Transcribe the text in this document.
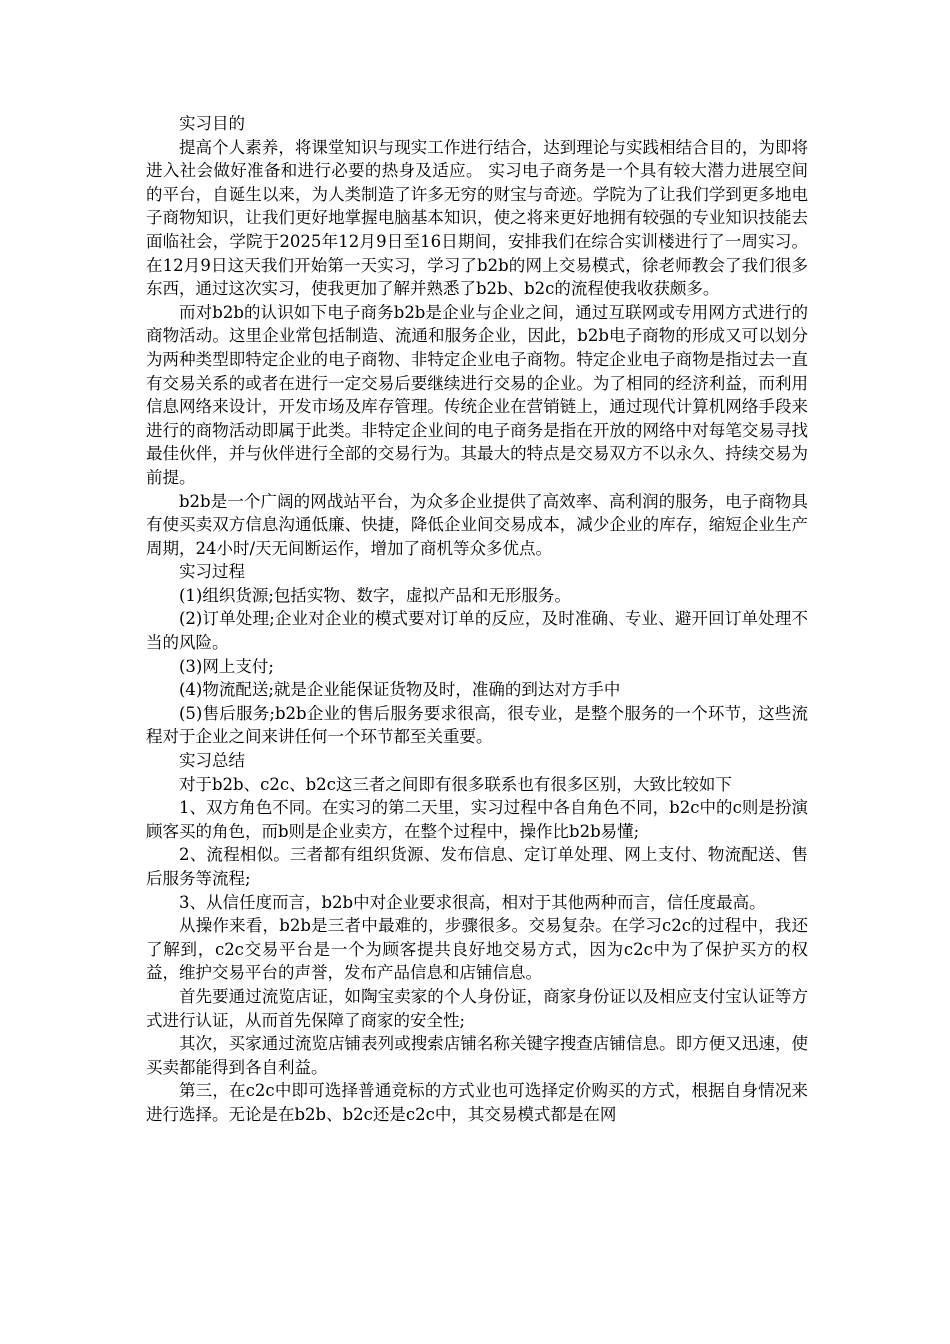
实习目的

提高个人素养，将课堂知识与现实工作进行结合，达到理论与实践相结合目的，为即将进入社会做好准备和进行必要的热身及适应。 实习电子商务是一个具有较大潜力进展空间的平台，自诞生以来，为人类制造了许多无穷的财宝与奇迹。学院为了让我们学到更多地电子商物知识，让我们更好地掌握电脑基本知识，使之将来更好地拥有较强的专业知识技能去面临社会，学院于2025年12月9日至16日期间，安排我们在综合实训楼进行了一周实习。在12月9日这天我们开始第一天实习，学习了b2b的网上交易模式，徐老师教会了我们很多东西，通过这次实习，使我更加了解并熟悉了b2b、b2c的流程使我收获颇多。

而对b2b的认识如下电子商务b2b是企业与企业之间，通过互联网或专用网方式进行的商物活动。这里企业常包括制造、流通和服务企业，因此，b2b电子商物的形成又可以划分为两种类型即特定企业的电子商物、非特定企业电子商物。特定企业电子商物是指过去一直有交易关系的或者在进行一定交易后要继续进行交易的企业。为了相同的经济利益，而利用信息网络来设计，开发市场及库存管理。传统企业在营销链上，通过现代计算机网络手段来进行的商物活动即属于此类。非特定企业间的电子商务是指在开放的网络中对每笔交易寻找最佳伙伴，并与伙伴进行全部的交易行为。其最大的特点是交易双方不以永久、持续交易为前提。

b2b是一个广阔的网战站平台，为众多企业提供了高效率、高利润的服务，电子商物具有使买卖双方信息沟通低廉、快捷，降低企业间交易成本，减少企业的库存，缩短企业生产周期，24小时/天无间断运作，增加了商机等众多优点。

实习过程

(1)组织货源;包括实物、数字，虚拟产品和无形服务。

(2)订单处理;企业对企业的模式要对订单的反应，及时准确、专业、避开回订单处理不当的风险。

(3)网上支付;

(4)物流配送;就是企业能保证货物及时，准确的到达对方手中

(5)售后服务;b2b企业的售后服务要求很高，很专业，是整个服务的一个环节，这些流程对于企业之间来讲任何一个环节都至关重要。

实习总结

对于b2b、c2c、b2c这三者之间即有很多联系也有很多区别，大致比较如下

1、双方角色不同。在实习的第二天里，实习过程中各自角色不同，b2c中的c则是扮演顾客买的角色，而b则是企业卖方，在整个过程中，操作比b2b易懂;

2、流程相似。三者都有组织货源、发布信息、定订单处理、网上支付、物流配送、售后服务等流程;

3、从信任度而言，b2b中对企业要求很高，相对于其他两种而言，信任度最高。

从操作来看，b2b是三者中最难的，步骤很多。交易复杂。在学习c2c的过程中，我还了解到，c2c交易平台是一个为顾客提共良好地交易方式，因为c2c中为了保护买方的权益，维护交易平台的声誉，发布产品信息和店铺信息。

首先要通过流览店证，如陶宝卖家的个人身份证，商家身份证以及相应支付宝认证等方式进行认证，从而首先保障了商家的安全性;

其次，买家通过流览店铺表列或搜索店铺名称关键字搜查店铺信息。即方便又迅速，使买卖都能得到各自利益。

第三，在c2c中即可选择普通竞标的方式业也可选择定价购买的方式，根据自身情况来进行选择。无论是在b2b、b2c还是c2c中，其交易模式都是在网
